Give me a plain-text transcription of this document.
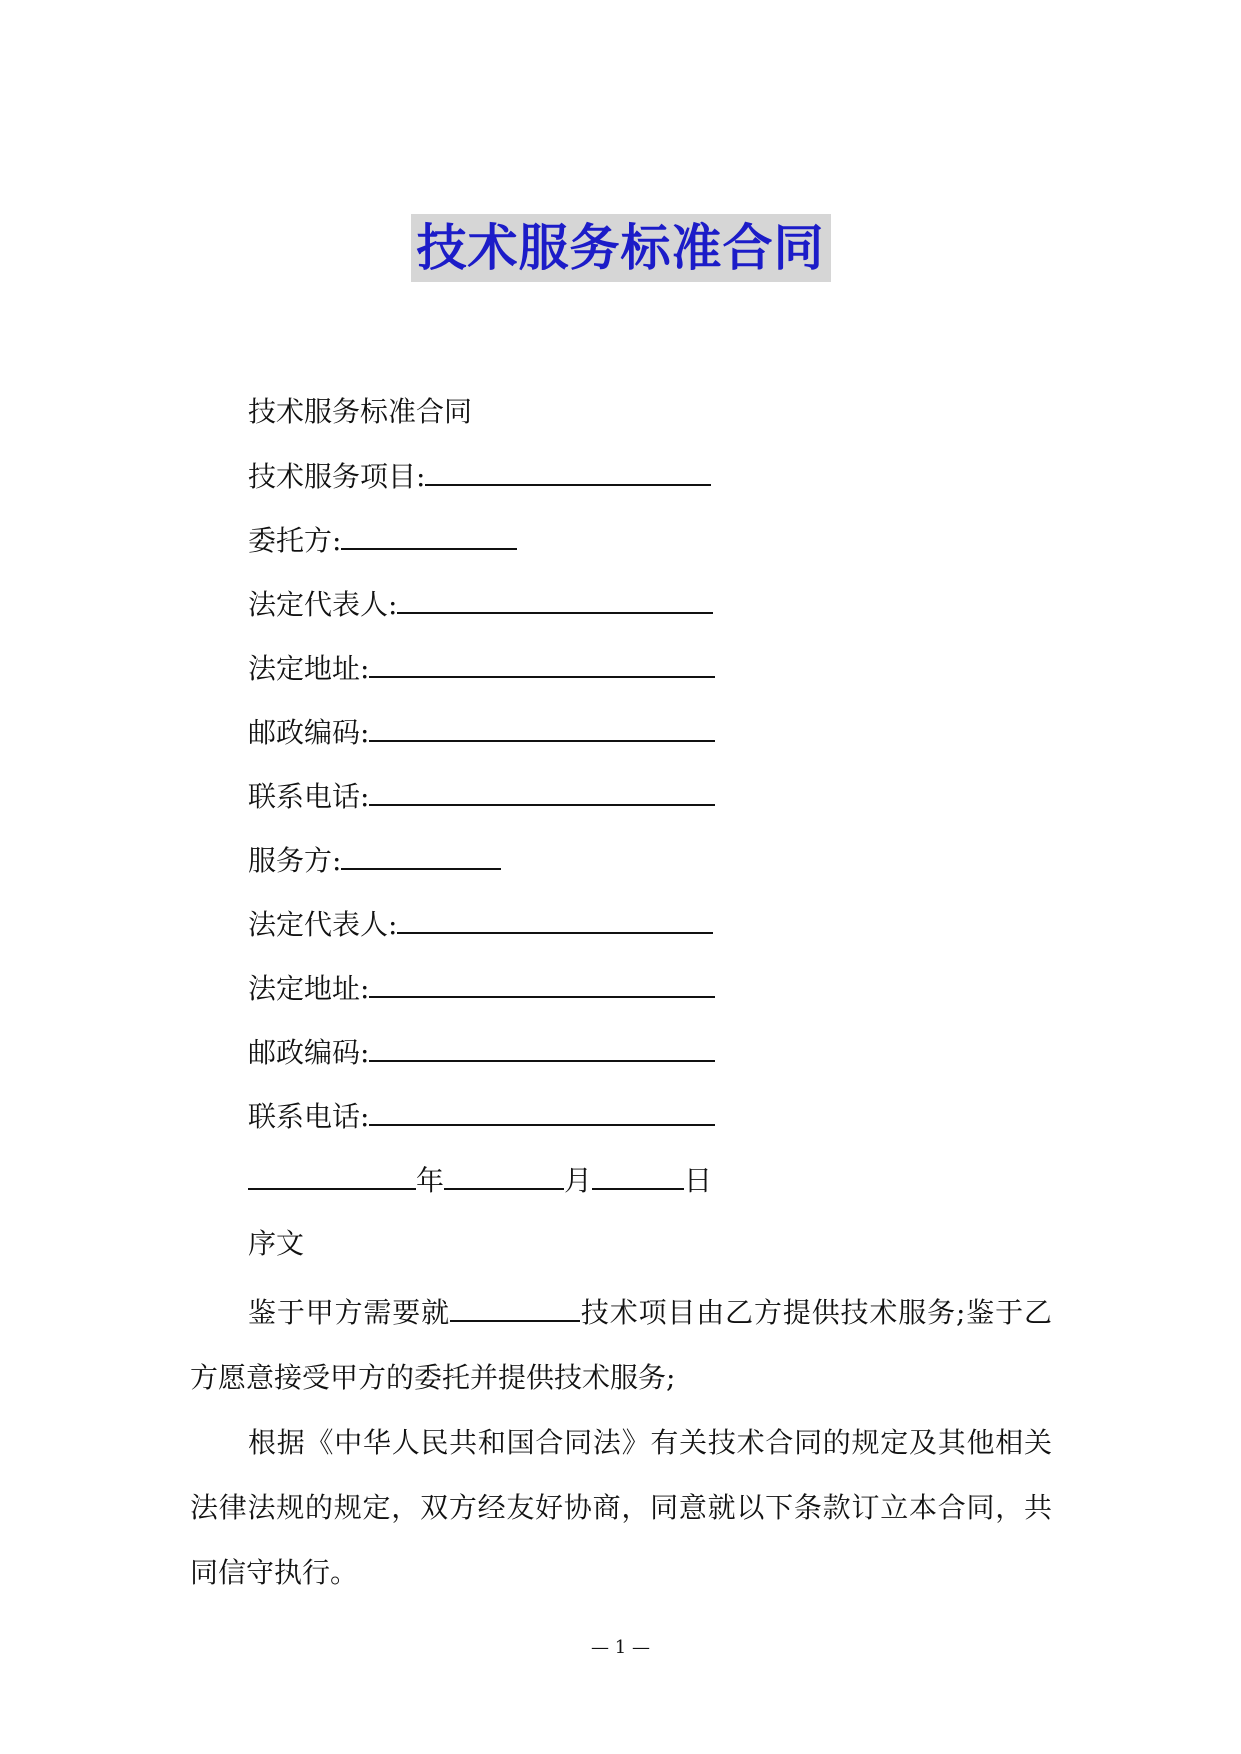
技术服务标准合同
技术服务标准合同
技术服务项目:
委托方:
法定代表人:
法定地址:
邮政编码:
联系电话:
服务方:
法定代表人:
法定地址:
邮政编码:
联系电话:
年	月	日
序文
鉴于甲方需要就	技术项目由乙方提供技术服务;鉴于乙方愿意接受甲方的委托并提供技术服务;
根据《中华人民共和国合同法》有关技术合同的规定及其他相关法律法规的规定，双方经友好协商，同意就以下条款订立本合同，共同信守执行。
— 1 —
